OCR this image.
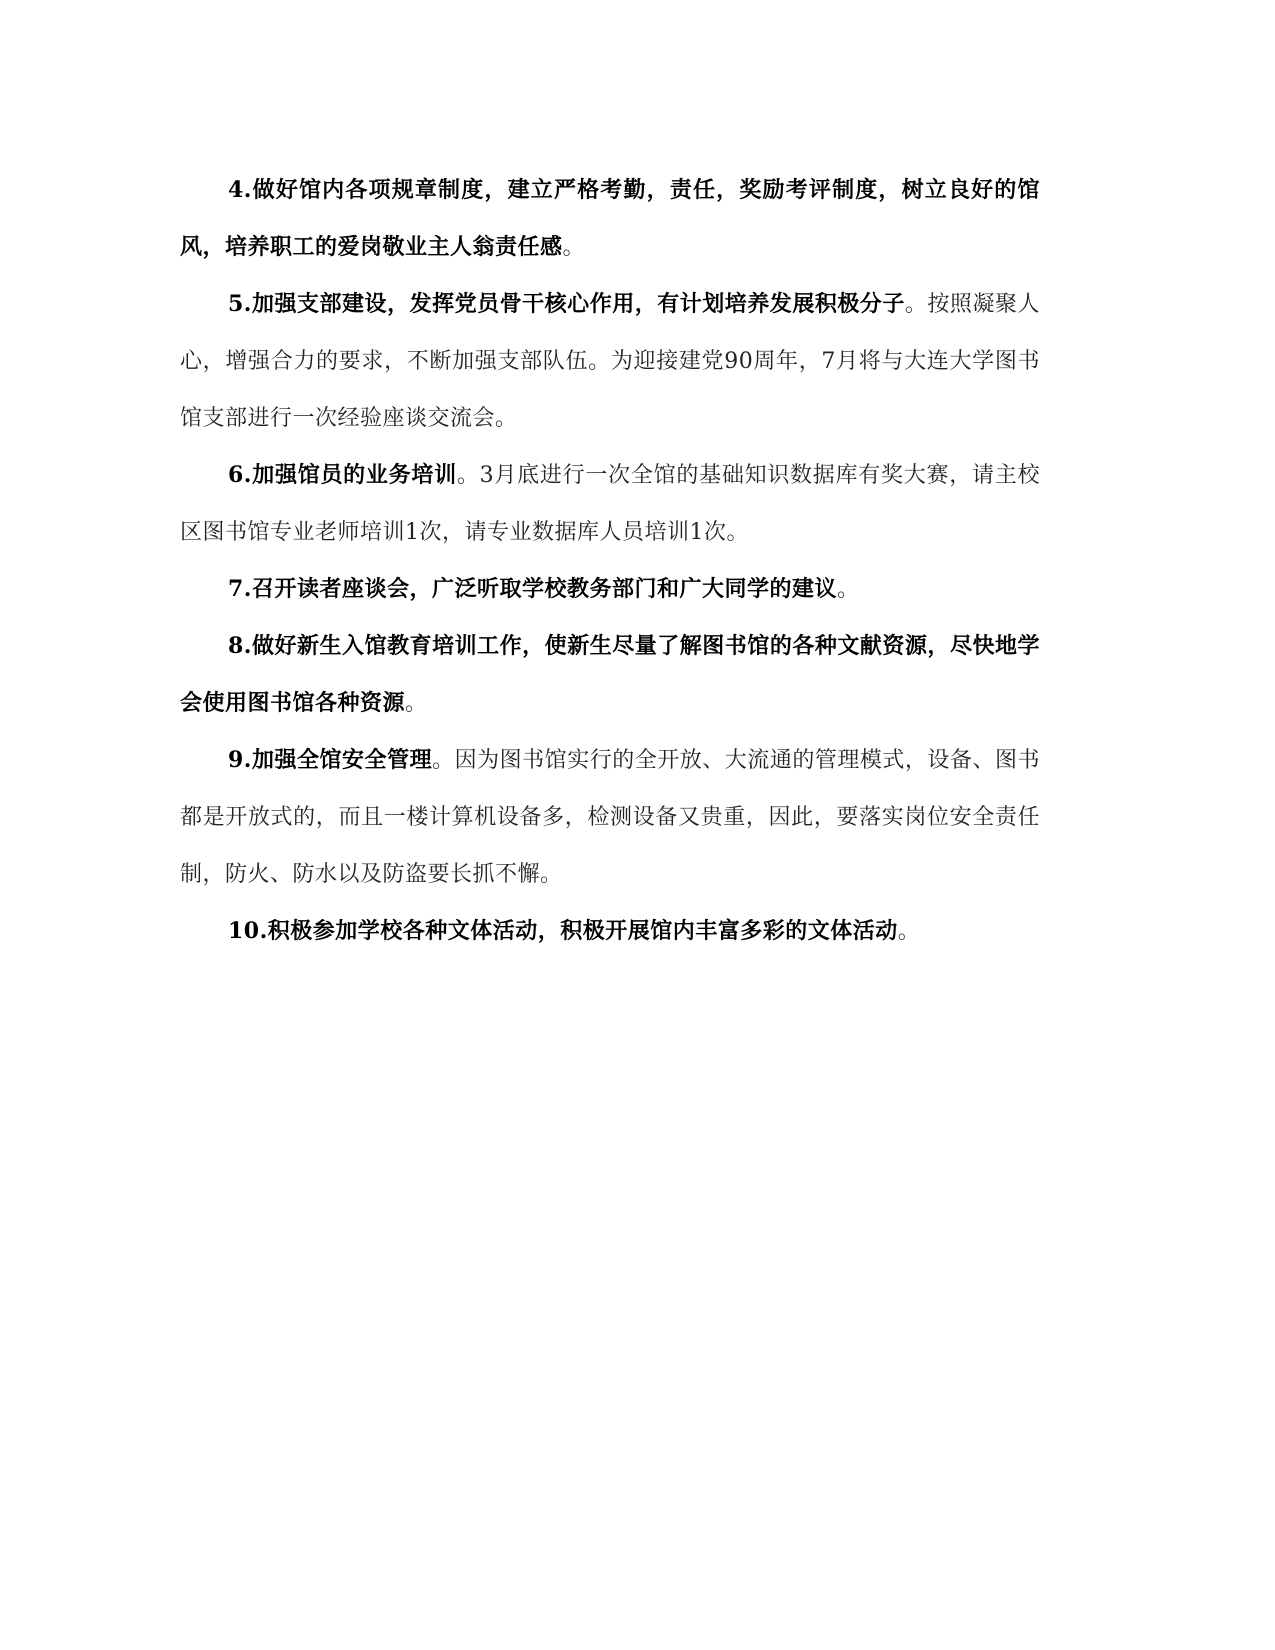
4.做好馆内各项规章制度，建立严格考勤，责任，奖励考评制度，树立良好的馆风，培养职工的爱岗敬业主人翁责任感。

5.加强支部建设，发挥党员骨干核心作用，有计划培养发展积极分子。按照凝聚人心，增强合力的要求，不断加强支部队伍。为迎接建党90周年，7月将与大连大学图书馆支部进行一次经验座谈交流会。

6.加强馆员的业务培训。3月底进行一次全馆的基础知识数据库有奖大赛，请主校区图书馆专业老师培训1次，请专业数据库人员培训1次。

7.召开读者座谈会，广泛听取学校教务部门和广大同学的建议。

8.做好新生入馆教育培训工作，使新生尽量了解图书馆的各种文献资源，尽快地学会使用图书馆各种资源。

9.加强全馆安全管理。因为图书馆实行的全开放、大流通的管理模式，设备、图书都是开放式的，而且一楼计算机设备多，检测设备又贵重，因此，要落实岗位安全责任制，防火、防水以及防盗要长抓不懈。

10.积极参加学校各种文体活动，积极开展馆内丰富多彩的文体活动。
